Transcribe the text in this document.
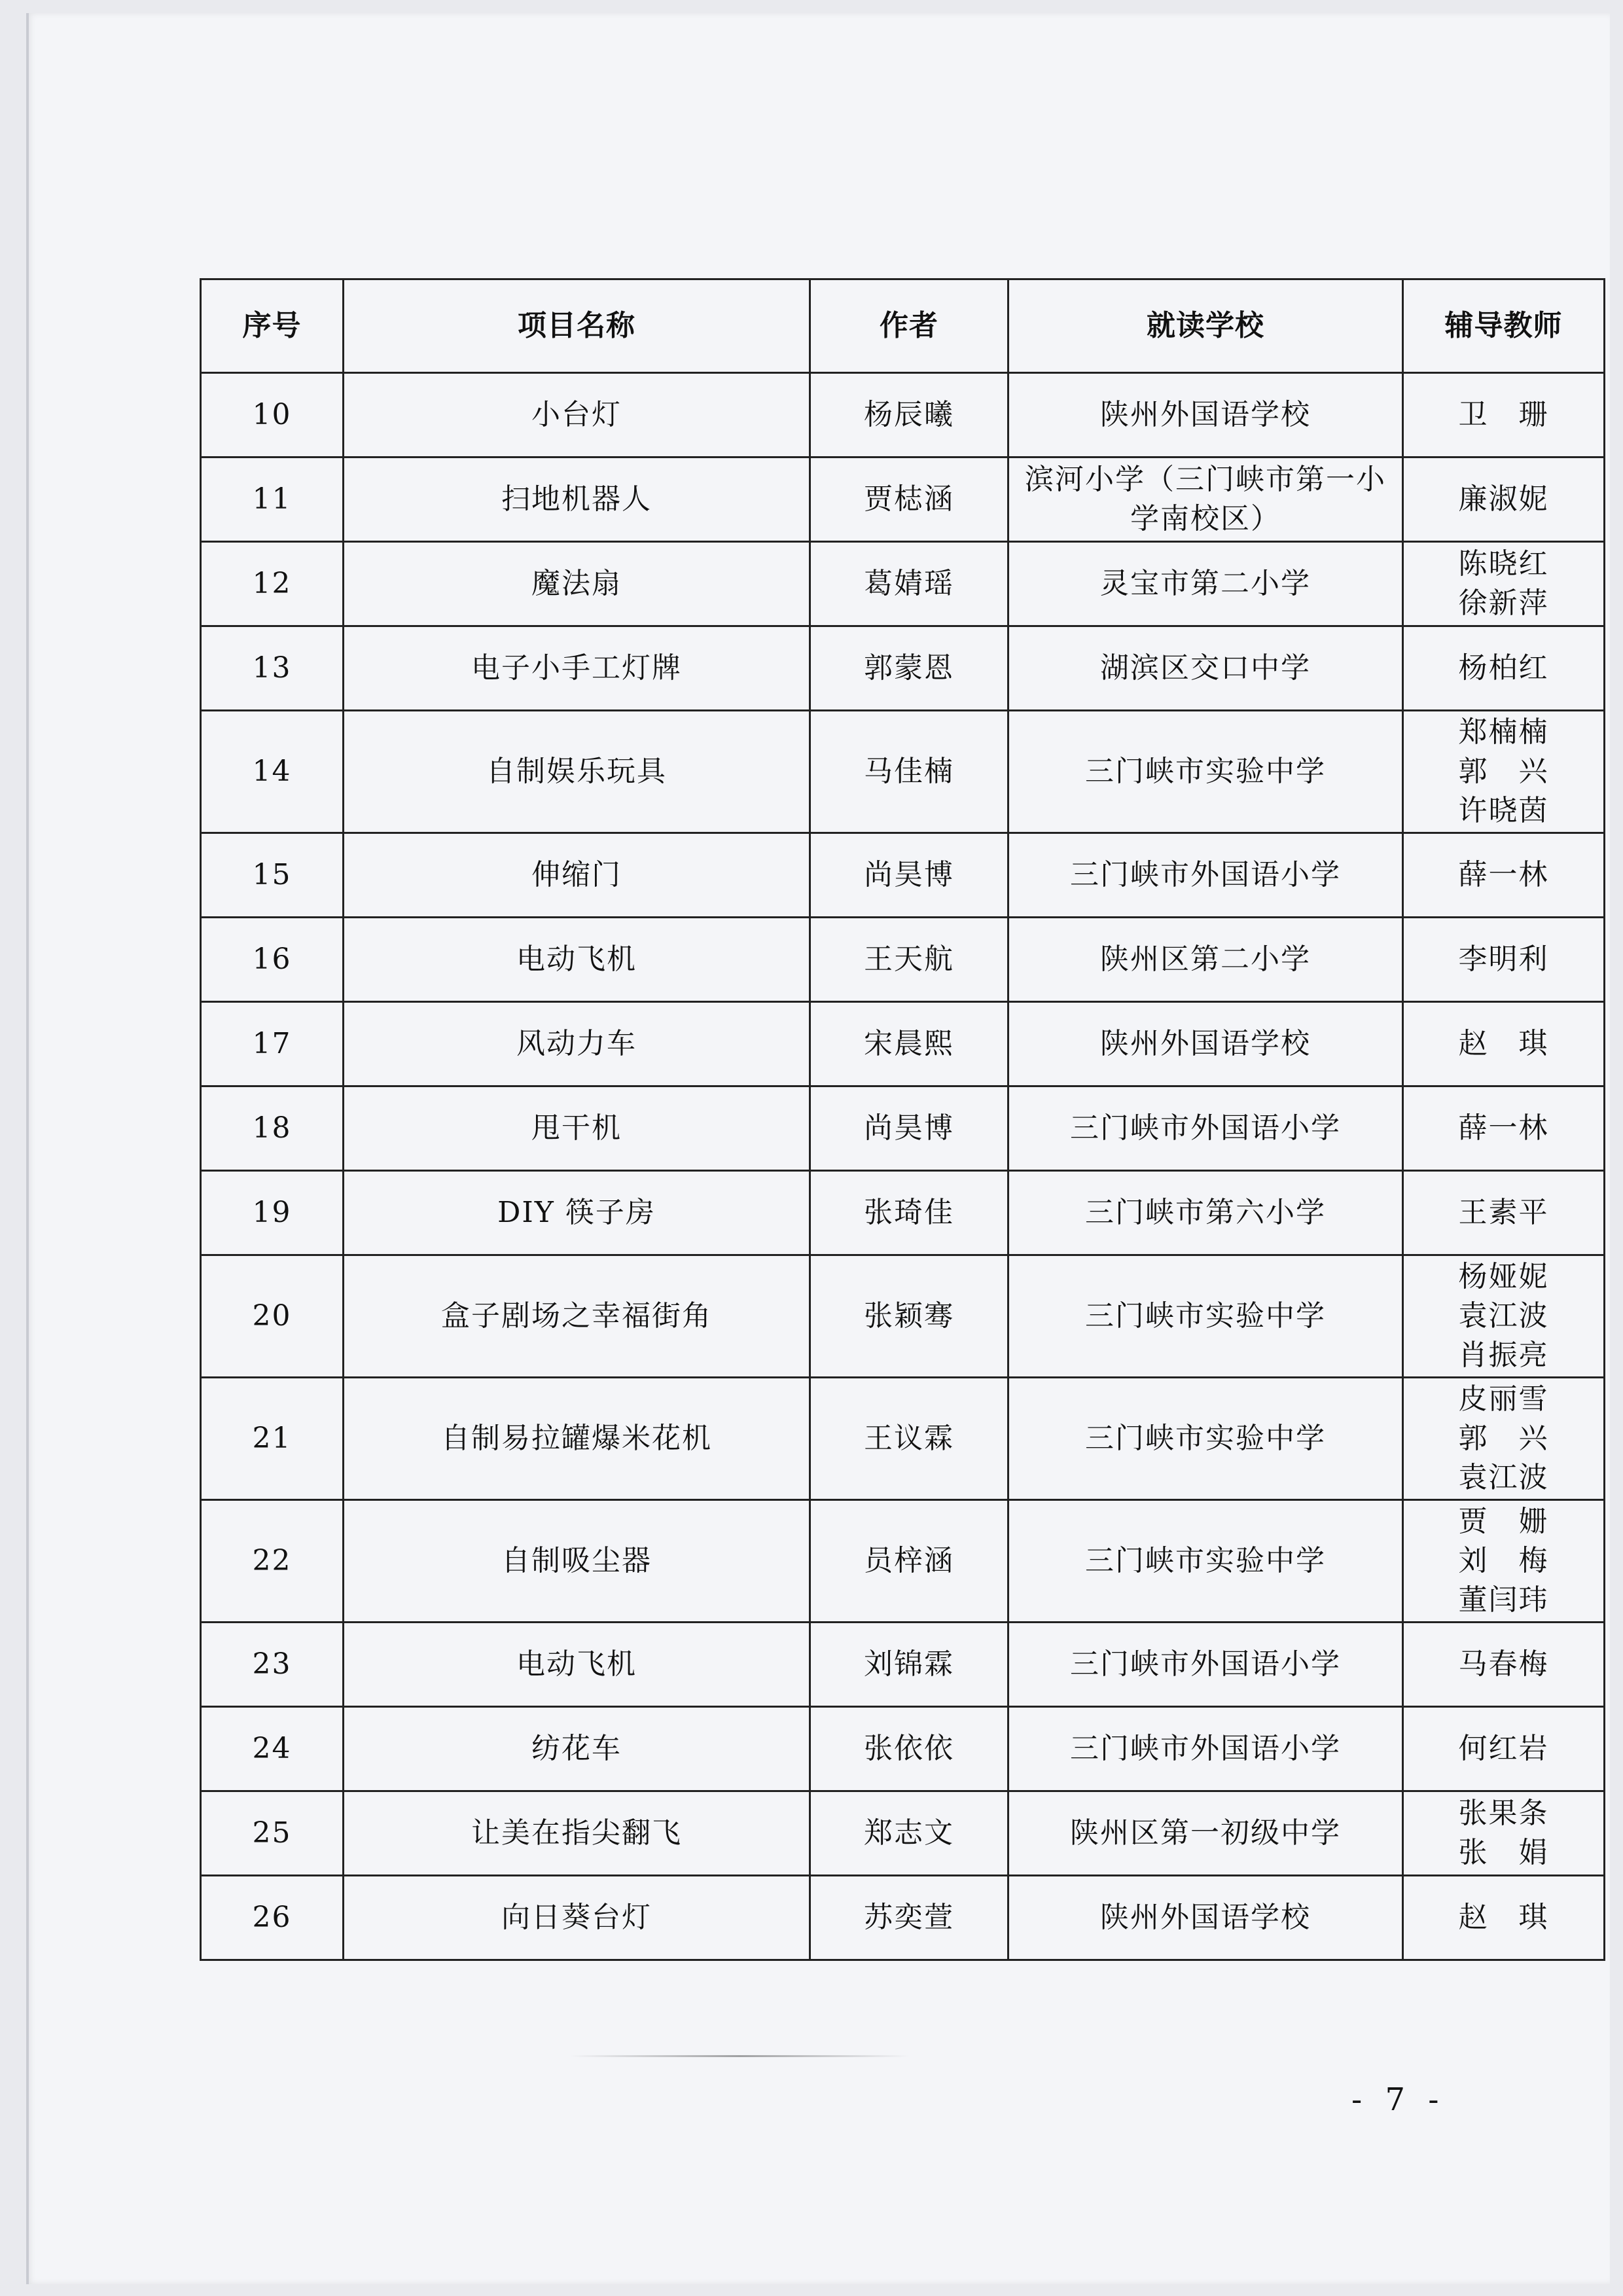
序号	项目名称	作者	就读学校	辅导教师
10	小台灯	杨辰曦	陕州外国语学校	卫　珊

11	扫地机器人	贾梽涵	滨河小学（三门峡市第一小学南校区）	廉淑妮

12	魔法扇	葛婧瑶	灵宝市第二小学	陈晓红
徐新萍

13	电子小手工灯牌	郭蒙恩	湖滨区交口中学	杨柏红

14	自制娱乐玩具	马佳楠	三门峡市实验中学	郑楠楠
郭　兴
许晓茵

15	伸缩门	尚昊博	三门峡市外国语小学	薛一林

16	电动飞机	王天航	陕州区第二小学	李明利

17	风动力车	宋晨熙	陕州外国语学校	赵　琪

18	甩干机	尚昊博	三门峡市外国语小学	薛一林

19	DIY 筷子房	张琦佳	三门峡市第六小学	王素平

20	盒子剧场之幸福街角	张颖骞	三门峡市实验中学	杨娅妮
袁江波
肖振亮

21	自制易拉罐爆米花机	王议霖	三门峡市实验中学	皮丽雪
郭　兴
袁江波

22	自制吸尘器	员梓涵	三门峡市实验中学	贾　姗
刘　梅
董闫玮

23	电动飞机	刘锦霖	三门峡市外国语小学	马春梅

24	纺花车	张依依	三门峡市外国语小学	何红岩

25	让美在指尖翻飞	郑志文	陕州区第一初级中学	张果条
张　娟

26	向日葵台灯	苏奕萱	陕州外国语学校	赵　琪
- 7 -
